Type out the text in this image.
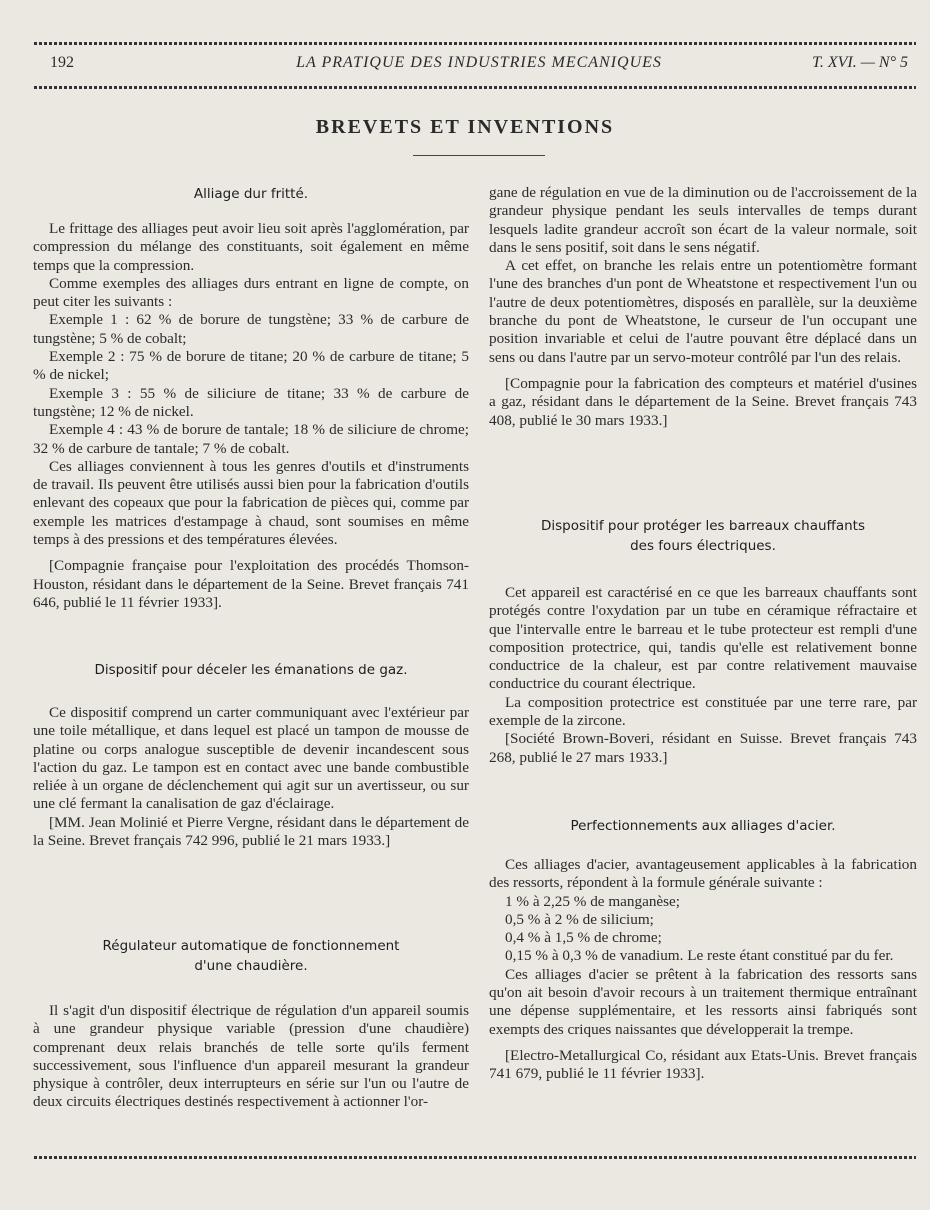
192	LA PRATIQUE DES INDUSTRIES MECANIQUES	T. XVI. — N° 5
BREVETS ET INVENTIONS
Alliage dur fritté.

Le frittage des alliages peut avoir lieu soit après l'agglomération, par compression du mélange des constituants, soit également en même temps que la compression.

Comme exemples des alliages durs entrant en ligne de compte, on peut citer les suivants :

Exemple 1 : 62 % de borure de tungstène; 33 % de carbure de tungstène; 5 % de cobalt;

Exemple 2 : 75 % de borure de titane; 20 % de carbure de titane; 5 % de nickel;

Exemple 3 : 55 % de siliciure de titane; 33 % de carbure de tungstène; 12 % de nickel.

Exemple 4 : 43 % de borure de tantale; 18 % de siliciure de chrome; 32 % de carbure de tantale; 7 % de cobalt.

Ces alliages conviennent à tous les genres d'outils et d'instruments de travail. Ils peuvent être utilisés aussi bien pour la fabrication d'outils enlevant des copeaux que pour la fabrication de pièces qui, comme par exemple les matrices d'estampage à chaud, sont soumises en même temps à des pressions et des températures élevées.

[Compagnie française pour l'exploitation des procédés Thomson-Houston, résidant dans le département de la Seine. Brevet français 741 646, publié le 11 février 1933].

Dispositif pour déceler les émanations de gaz.

Ce dispositif comprend un carter communiquant avec l'extérieur par une toile métallique, et dans lequel est placé un tampon de mousse de platine ou corps analogue susceptible de devenir incandescent sous l'action du gaz. Le tampon est en contact avec une bande combustible reliée à un organe de déclenchement qui agit sur un avertisseur, ou sur une clé fermant la canalisation de gaz d'éclairage.

[MM. Jean Molinié et Pierre Vergne, résidant dans le département de la Seine. Brevet français 742 996, publié le 21 mars 1933.]

Régulateur automatique de fonctionnement
d'une chaudière.

Il s'agit d'un dispositif électrique de régulation d'un appareil soumis à une grandeur physique variable (pression d'une chaudière) comprenant deux relais branchés de telle sorte qu'ils ferment successivement, sous l'influence d'un appareil mesurant la grandeur physique à contrôler, deux interrupteurs en série sur l'un ou l'autre de deux circuits électriques destinés respectivement à actionner l'or-

gane de régulation en vue de la diminution ou de l'accroissement de la grandeur physique pendant les seuls intervalles de temps durant lesquels ladite grandeur accroît son écart de la valeur normale, soit dans le sens positif, soit dans le sens négatif.

A cet effet, on branche les relais entre un potentiomètre formant l'une des branches d'un pont de Wheatstone et respectivement l'un ou l'autre de deux potentiomètres, disposés en parallèle, sur la deuxième branche du pont de Wheatstone, le curseur de l'un occupant une position invariable et celui de l'autre pouvant être déplacé dans un sens ou dans l'autre par un servo-moteur contrôlé par l'un des relais.

[Compagnie pour la fabrication des compteurs et matériel d'usines a gaz, résidant dans le département de la Seine. Brevet français 743 408, publié le 30 mars 1933.]

Dispositif pour protéger les barreaux chauffants
des fours électriques.

Cet appareil est caractérisé en ce que les barreaux chauffants sont protégés contre l'oxydation par un tube en céramique réfractaire et que l'intervalle entre le barreau et le tube protecteur est rempli d'une composition protectrice, qui, tandis qu'elle est relativement bonne conductrice de la chaleur, est par contre relativement mauvaise conductrice du courant électrique.

La composition protectrice est constituée par une terre rare, par exemple de la zircone.

[Société Brown-Boveri, résidant en Suisse. Brevet français 743 268, publié le 27 mars 1933.]

Perfectionnements aux alliages d'acier.

Ces alliages d'acier, avantageusement applicables à la fabrication des ressorts, répondent à la formule générale suivante :

1 % à 2,25 % de manganèse;

0,5 % à 2 % de silicium;

0,4 % à 1,5 % de chrome;

0,15 % à 0,3 % de vanadium. Le reste étant constitué par du fer.

Ces alliages d'acier se prêtent à la fabrication des ressorts sans qu'on ait besoin d'avoir recours à un traitement thermique entraînant une dépense supplémentaire, et les ressorts ainsi fabriqués sont exempts des criques naissantes que développerait la trempe.

[Electro-Metallurgical Co, résidant aux Etats-Unis. Brevet français 741 679, publié le 11 février 1933].
